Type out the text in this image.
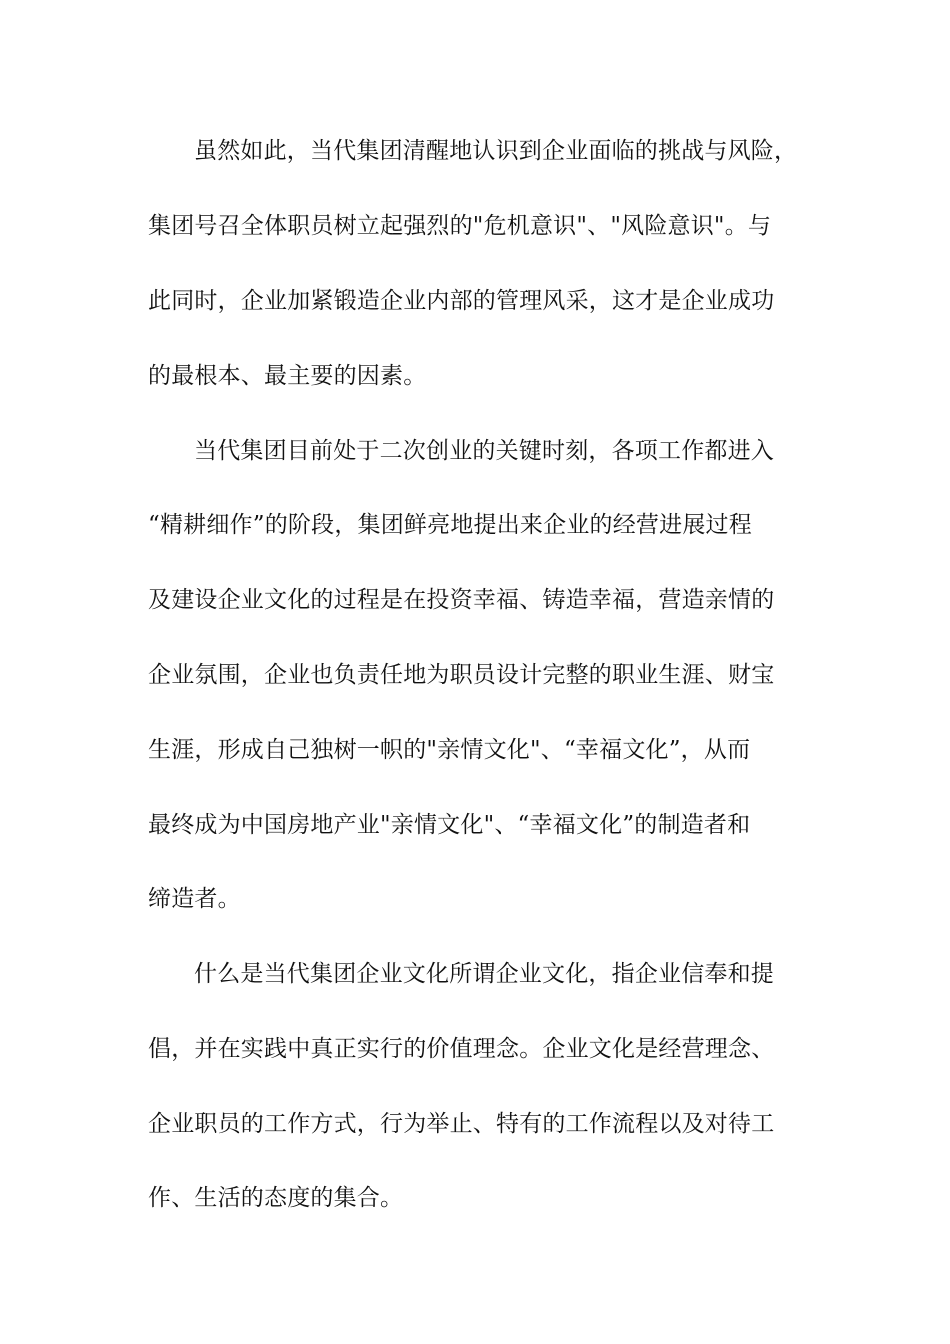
虽然如此，当代集团清醒地认识到企业面临的挑战与风险，
集团号召全体职员树立起强烈的"危机意识"、"风险意识"。与
此同时，企业加紧锻造企业内部的管理风采，这才是企业成功
的最根本、最主要的因素。
当代集团目前处于二次创业的关键时刻，各项工作都进入
“精耕细作”的阶段，集团鲜亮地提出来企业的经营进展过程
及建设企业文化的过程是在投资幸福、铸造幸福，营造亲情的
企业氛围，企业也负责任地为职员设计完整的职业生涯、财宝
生涯，形成自己独树一帜的"亲情文化"、“幸福文化”，从而
最终成为中国房地产业"亲情文化"、“幸福文化”的制造者和
缔造者。
什么是当代集团企业文化所谓企业文化，指企业信奉和提
倡，并在实践中真正实行的价值理念。企业文化是经营理念、
企业职员的工作方式，行为举止、特有的工作流程以及对待工
作、生活的态度的集合。
